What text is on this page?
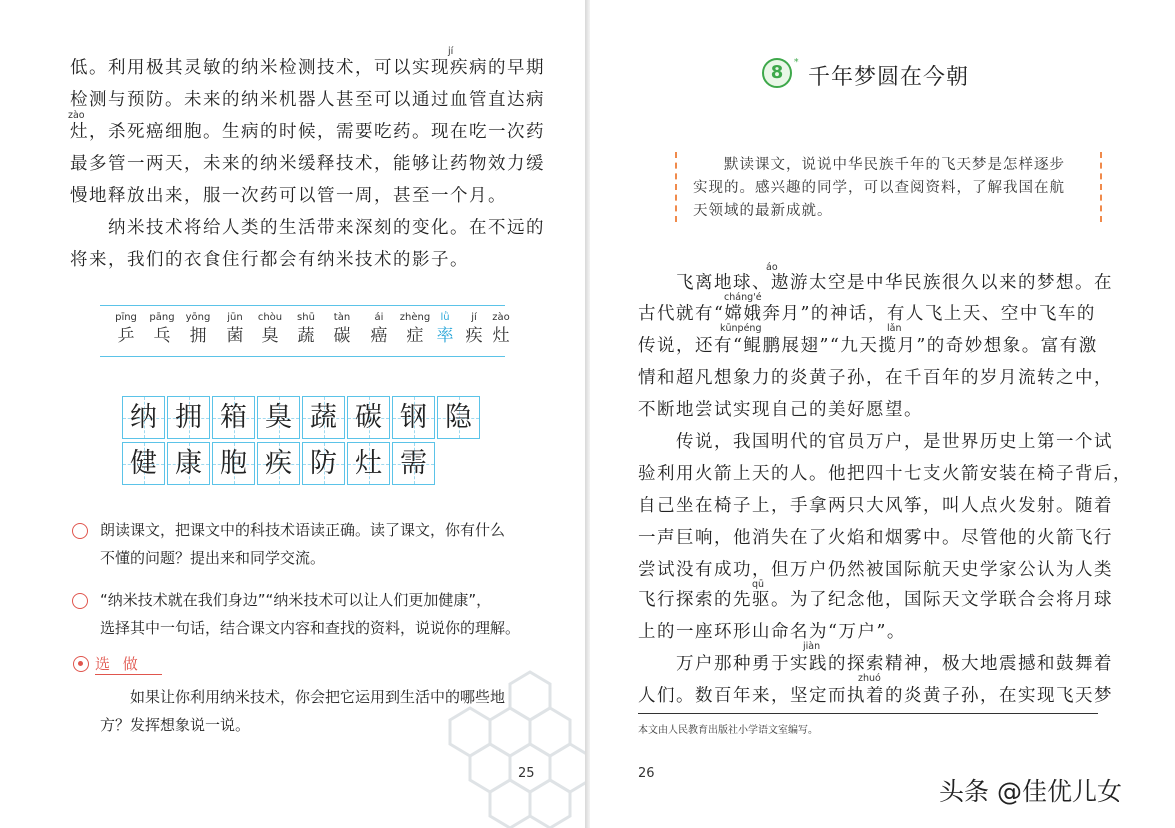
jí
低。利用极其灵敏的纳米检测技术，可以实现疾病的早期
检测与预防。未来的纳米机器人甚至可以通过血管直达病
zào
灶，杀死癌细胞。生病的时候，需要吃药。现在吃一次药
最多管一两天，未来的纳米缓释技术，能够让药物效力缓
慢地释放出来，服一次药可以管一周，甚至一个月。
　　纳米技术将给人类的生活带来深刻的变化。在不远的
将来，我们的衣食住行都会有纳米技术的影子。
pīng
乒
pāng
乓
yōng
拥
jūn
菌
chòu
臭
shū
蔬
tàn
碳
ái
癌
zhèng
症
lǜ
率
jí
疾
zào
灶
纳 拥 箱 臭 蔬 碳 钢 隐
健 康 胞 疾 防 灶 需
朗读课文，把课文中的科技术语读正确。读了课文，你有什么
不懂的问题？提出来和同学交流。
“纳米技术就在我们身边”“纳米技术可以让人们更加健康”，
选择其中一句话，结合课文内容和查找的资料，说说你的理解。
选 做
　　如果让你利用纳米技术，你会把它运用到生活中的哪些地
方？发挥想象说一说。
25
8	*
千年梦圆在今朝
　　默读课文，说说中华民族千年的飞天梦是怎样逐步
实现的。感兴趣的同学，可以查阅资料，了解我国在航
天领域的最新成就。
áo
　　飞离地球、遨游太空是中华民族很久以来的梦想。在
cháng'é
古代就有“嫦娥奔月”的神话，有人飞上天、空中飞车的
kūnpéng	lǎn
传说，还有“鲲鹏展翅”“九天揽月”的奇妙想象。富有激
情和超凡想象力的炎黄子孙，在千百年的岁月流转之中，
不断地尝试实现自己的美好愿望。
　　传说，我国明代的官员万户，是世界历史上第一个试
验利用火箭上天的人。他把四十七支火箭安装在椅子背后，
自己坐在椅子上，手拿两只大风筝，叫人点火发射。随着
一声巨响，他消失在了火焰和烟雾中。尽管他的火箭飞行
尝试没有成功，但万户仍然被国际航天史学家公认为人类
qū
飞行探索的先驱。为了纪念他，国际天文学联合会将月球
上的一座环形山命名为“万户”。
jiàn
　　万户那种勇于实践的探索精神，极大地震撼和鼓舞着
zhuó
人们。数百年来，坚定而执着的炎黄子孙，在实现飞天梦
本文由人民教育出版社小学语文室编写。
26
头条 @佳优儿女
